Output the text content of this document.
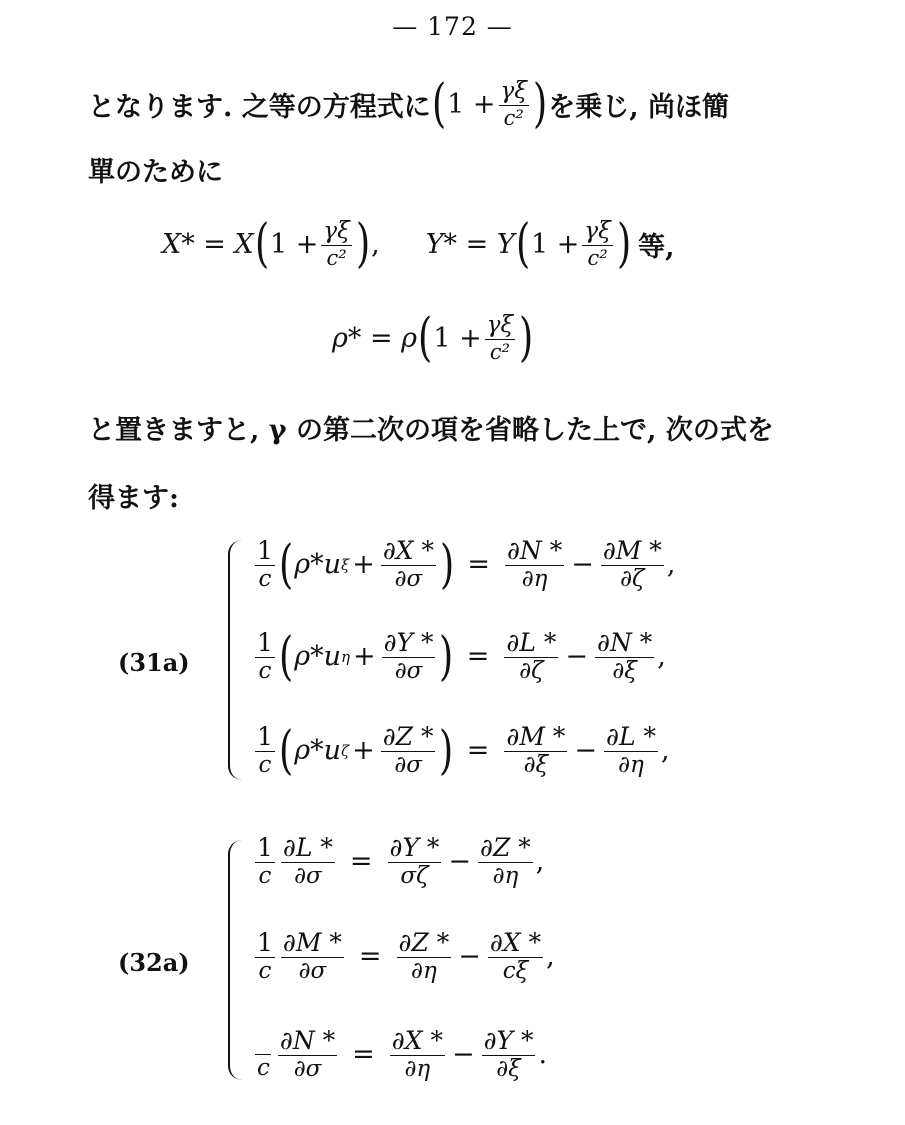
— 172 —
となります. 之等の方程式に ( $1 + \frac{\gamma\xi}{\text{c²}}$ ) を乗じ, 尚ほ簡
單のために
X* = X ( $1 + \frac{\gamma\xi}{\text{c²}}$ ) , Y* = Y ( $1 + \frac{\gamma\xi}{\text{c²}}$ ) 等,
ρ* = ρ ( $1 + \frac{\gamma\xi}{\text{c²}}$ )
と置きますと, γ の第二次の項を省略した上で, 次の式を
得ます:
(31a)
$\frac{1}{c}$ ( ρ*u $\xi + \frac{\partial X *}{\partial\sigma}$ ) = $\frac{\partial N *}{\partial\eta} - \frac{\partial M *}{\partial\zeta}$ ,
$\frac{1}{c}$ ( ρ*u $\eta + \frac{\partial Y *}{\partial\sigma}$ ) = $\frac{\partial L *}{\partial\zeta} - \frac{\partial N *}{\partial\xi}$ ,
$\frac{1}{c}$ ( ρ*u $\zeta + \frac{\partial Z *}{\partial\sigma}$ ) = $\frac{\partial M *}{\partial\xi} - \frac{\partial L *}{\partial\eta}$ ,
(32a)
$\frac{1}{c} \frac{\partial L *}{\partial\sigma} = \frac{\partial Y *}{\sigma\zeta} - \frac{\partial Z *}{\partial\eta}$ ,
$\frac{1}{c} \frac{\partial M *}{\partial\sigma} = \frac{\partial Z *}{\partial\eta} - \frac{\partial X *}{c\xi}$ ,
c $\frac{\partial N *}{\partial\sigma} = \frac{\partial X *}{\partial\eta} - \frac{\partial Y *}{\partial\xi}$ .
